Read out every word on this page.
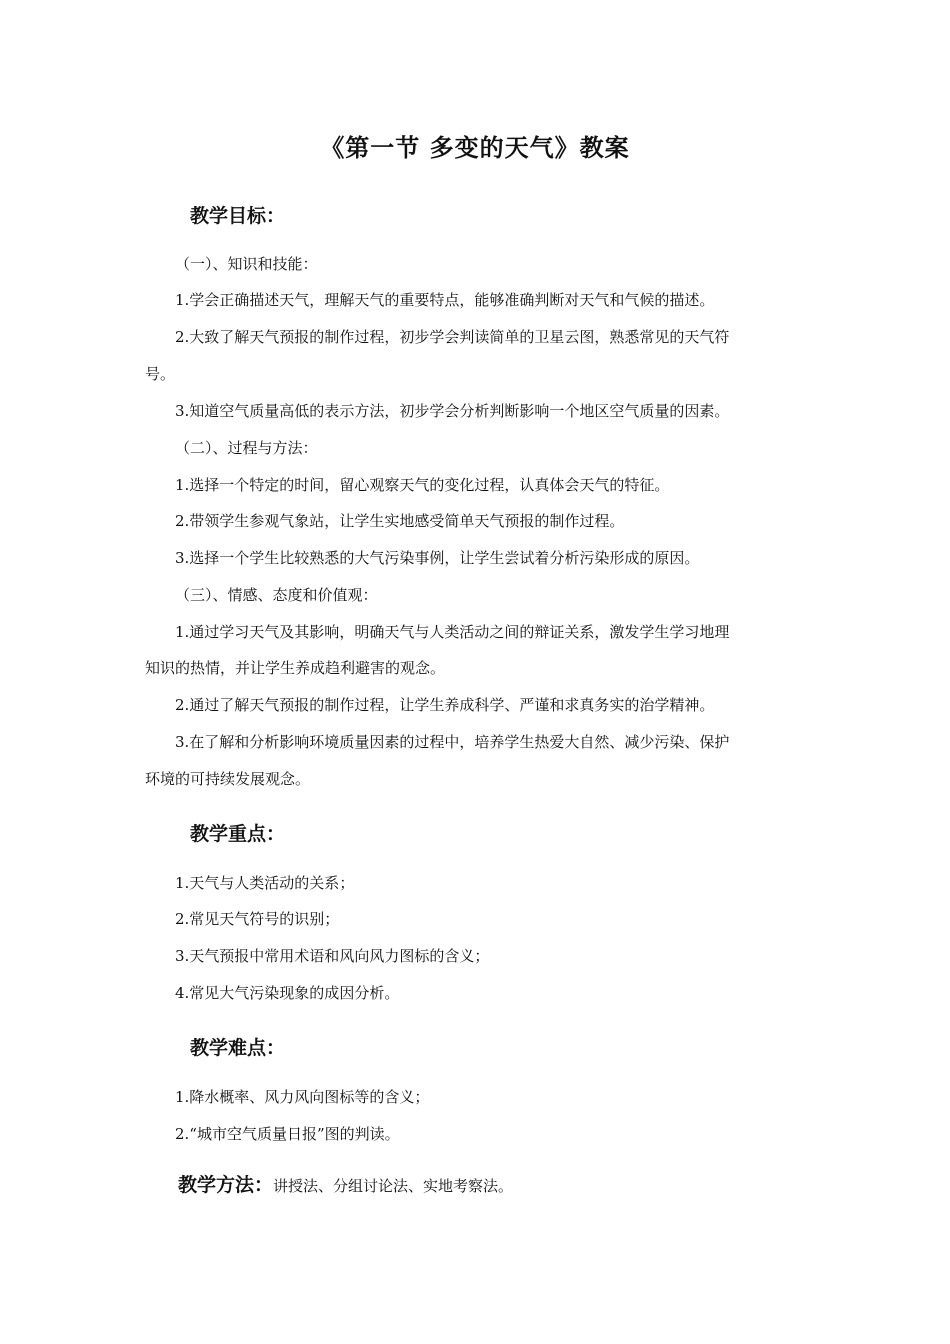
《第一节 多变的天气》教案
教学目标：
（一）、知识和技能：
1.学会正确描述天气，理解天气的重要特点，能够准确判断对天气和气候的描述。
2.大致了解天气预报的制作过程，初步学会判读简单的卫星云图，熟悉常见的天气符
号。
3.知道空气质量高低的表示方法，初步学会分析判断影响一个地区空气质量的因素。
（二）、过程与方法：
1.选择一个特定的时间，留心观察天气的变化过程，认真体会天气的特征。
2.带领学生参观气象站，让学生实地感受简单天气预报的制作过程。
3.选择一个学生比较熟悉的大气污染事例，让学生尝试着分析污染形成的原因。
（三）、情感、态度和价值观：
1.通过学习天气及其影响，明确天气与人类活动之间的辩证关系，激发学生学习地理
知识的热情，并让学生养成趋利避害的观念。
2.通过了解天气预报的制作过程，让学生养成科学、严谨和求真务实的治学精神。
3.在了解和分析影响环境质量因素的过程中，培养学生热爱大自然、减少污染、保护
环境的可持续发展观念。
教学重点：
1.天气与人类活动的关系；
2.常见天气符号的识别；
3.天气预报中常用术语和风向风力图标的含义；
4.常见大气污染现象的成因分析。
教学难点：
1.降水概率、风力风向图标等的含义；
2.“城市空气质量日报”图的判读。
教学方法：讲授法、分组讨论法、实地考察法。
